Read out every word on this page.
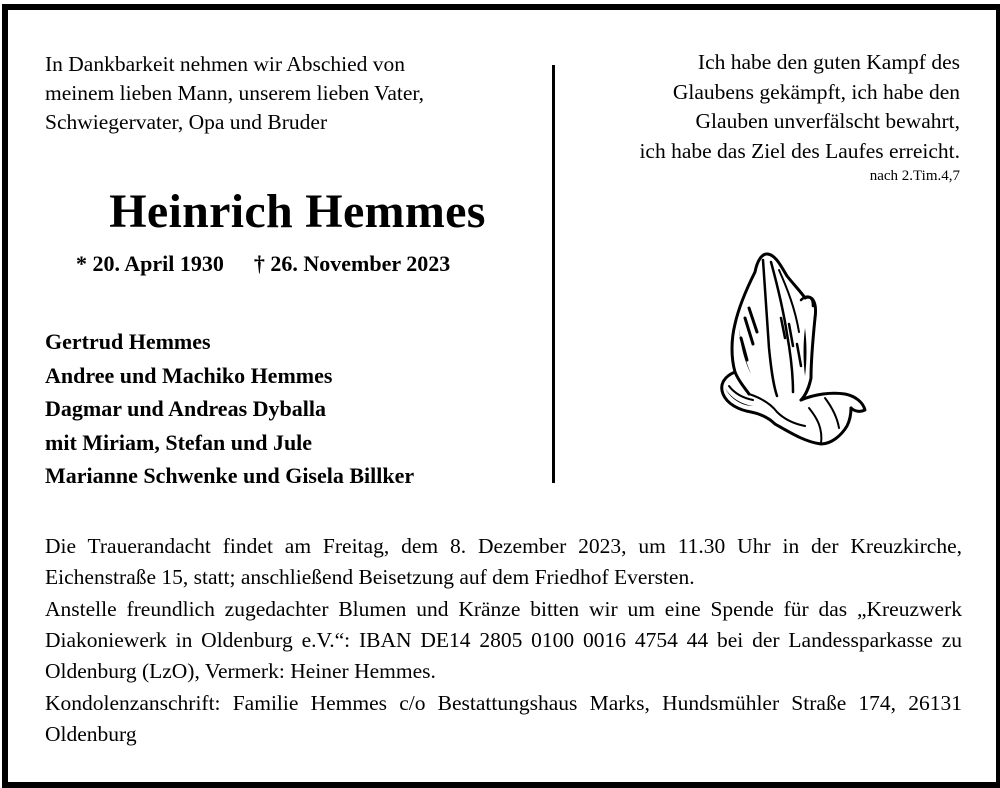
In Dankbarkeit nehmen wir Abschied von
meinem lieben Mann, unserem lieben Vater,
Schwiegervater, Opa und Bruder
Heinrich Hemmes
* 20. April 1930 † 26. November 2023
Gertrud Hemmes
Andree und Machiko Hemmes
Dagmar und Andreas Dyballa
mit Miriam, Stefan und Jule
Marianne Schwenke und Gisela Billker
Ich habe den guten Kampf des
Glaubens gekämpft, ich habe den
Glauben unverfälscht bewahrt,
ich habe das Ziel des Laufes erreicht.
nach 2.Tim.4,7
Die Trauerandacht findet am Freitag, dem 8. Dezember 2023, um 11.30 Uhr in der Kreuzkirche, Eichenstraße 15, statt; anschließend Beisetzung auf dem Friedhof Eversten.
Anstelle freundlich zugedachter Blumen und Kränze bitten wir um eine Spende für das „Kreuzwerk Diakoniewerk in Oldenburg e.V.“: IBAN DE14 2805 0100 0016 4754 44 bei der Landessparkasse zu Oldenburg (LzO), Vermerk: Heiner Hemmes.
Kondolenzanschrift: Familie Hemmes c/o Bestattungshaus Marks, Hundsmühler Straße 174, 26131 Oldenburg
